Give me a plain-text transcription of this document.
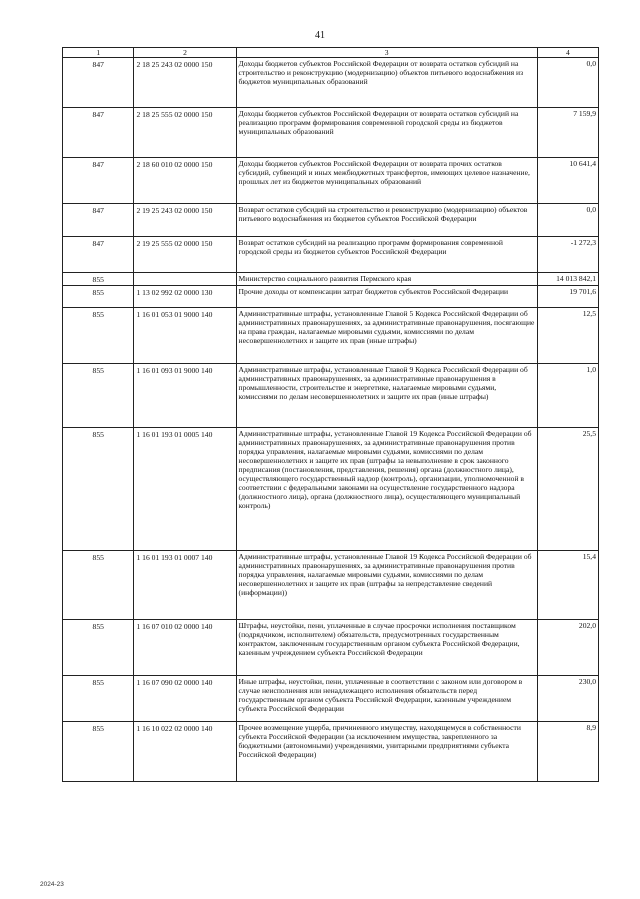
41
1	2	3	4
847	2 18 25 243 02 0000 150	Доходы бюджетов субъектов Российской Федерации от возврата остатков субсидий на строительство и реконструкцию (модернизацию) объектов питьевого водоснабжения из бюджетов муниципальных образований	0,0
847	2 18 25 555 02 0000 150	Доходы бюджетов субъектов Российской Федерации от возврата остатков субсидий на реализацию программ формирования современной городской среды из бюджетов муниципальных образований	7 159,9
847	2 18 60 010 02 0000 150	Доходы бюджетов субъектов Российской Федерации от возврата прочих остатков субсидий, субвенций и иных межбюджетных трансфертов, имеющих целевое назначение, прошлых лет из бюджетов муниципальных образований	10 641,4
847	2 19 25 243 02 0000 150	Возврат остатков субсидий на строительство и реконструкцию (модернизацию) объектов питьевого водоснабжения из бюджетов субъектов Российской Федерации	0,0
847	2 19 25 555 02 0000 150	Возврат остатков субсидий на реализацию программ формирования современной городской среды из бюджетов субъектов Российской Федерации	-1 272,3
855		Министерство социального развития Пермского края	14 013 842,1
855	1 13 02 992 02 0000 130	Прочие доходы от компенсации затрат бюджетов субъектов Российской Федерации	19 701,6
855	1 16 01 053 01 9000 140	Административные штрафы, установленные Главой 5 Кодекса Российской Федерации об административных правонарушениях, за административные правонарушения, посягающие на права граждан, налагаемые мировыми судьями, комиссиями по делам несовершеннолетних и защите их прав (иные штрафы)	12,5
855	1 16 01 093 01 9000 140	Административные штрафы, установленные Главой 9 Кодекса Российской Федерации об административных правонарушениях, за административные правонарушения в промышленности, строительстве и энергетике, налагаемые мировыми судьями, комиссиями по делам несовершеннолетних и защите их прав (иные штрафы)	1,0
855	1 16 01 193 01 0005 140	Административные штрафы, установленные Главой 19 Кодекса Российской Федерации об административных правонарушениях, за административные правонарушения против порядка управления, налагаемые мировыми судьями, комиссиями по делам несовершеннолетних и защите их прав (штрафы за невыполнение в срок законного предписания (постановления, представления, решения) органа (должностного лица), осуществляющего государственный надзор (контроль), организации, уполномоченной в соответствии с федеральными законами на осуществление государственного надзора (должностного лица), органа (должностного лица), осуществляющего муниципальный контроль)	25,5
855	1 16 01 193 01 0007 140	Административные штрафы, установленные Главой 19 Кодекса Российской Федерации об административных правонарушениях, за административные правонарушения против порядка управления, налагаемые мировыми судьями, комиссиями по делам несовершеннолетних и защите их прав (штрафы за непредставление сведений (информации))	15,4
855	1 16 07 010 02 0000 140	Штрафы, неустойки, пени, уплаченные в случае просрочки исполнения поставщиком (подрядчиком, исполнителем) обязательств, предусмотренных государственным контрактом, заключенным государственным органом субъекта Российской Федерации, казенным учреждением субъекта Российской Федерации	202,0
855	1 16 07 090 02 0000 140	Иные штрафы, неустойки, пени, уплаченные в соответствии с законом или договором в случае неисполнения или ненадлежащего исполнения обязательств перед государственным органом субъекта Российской Федерации, казенным учреждением субъекта Российской Федерации	230,0
855	1 16 10 022 02 0000 140	Прочее возмещение ущерба, причиненного имуществу, находящемуся в собственности субъекта Российской Федерации (за исключением имущества, закрепленного за бюджетными (автономными) учреждениями, унитарными предприятиями субъекта Российской Федерации)	8,9
2024-23
